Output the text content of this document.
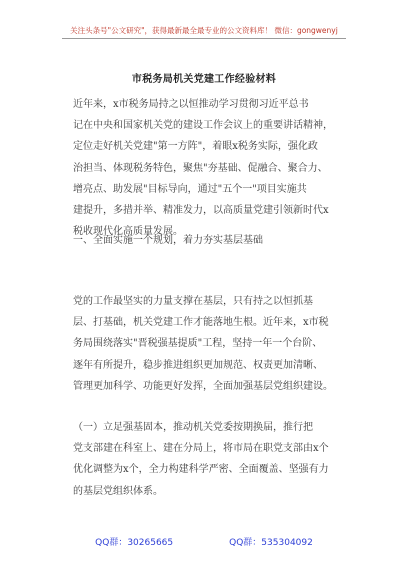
关注头条号"公文研究"，获得最新最全最专业的公文资料库！ 微信：gongwenyj
市税务局机关党建工作经验材料

近年来，x市税务局持之以恒推动学习贯彻习近平总书
记在中央和国家机关党的建设工作会议上的重要讲话精神，
定位走好机关党建"第一方阵"，着眼x税务实际，强化政
治担当、体现税务特色，聚焦"夯基础、促融合、聚合力、
增亮点、助发展"目标导向，通过"五个一"项目实施共
建提升，多措并举、精准发力，以高质量党建引领新时代x
税收现代化高质量发展。

一、全面实施一个规划，着力夯实基层基础

党的工作最坚实的力量支撑在基层，只有持之以恒抓基
层、打基础，机关党建工作才能落地生根。近年来，x市税
务局围绕落实"晋税强基提质"工程，坚持一年一个台阶、
逐年有所提升，稳步推进组织更加规范、权责更加清晰、
管理更加科学、功能更好发挥，全面加强基层党组织建设。

（一）立足强基固本，推动机关党委按期换届，推行把
党支部建在科室上、建在分局上，将市局在职党支部由x个
优化调整为x个，全力构建科学严密、全面覆盖、坚强有力
的基层党组织体系。

QQ群：30265665	QQ群：535304092
